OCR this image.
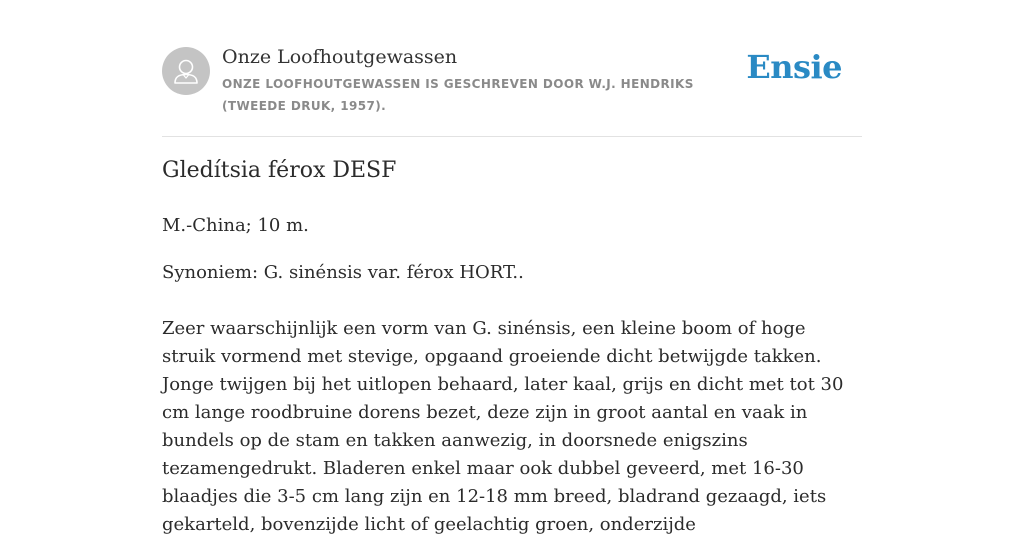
Onze Loofhoutgewassen
ONZE LOOFHOUTGEWASSEN IS GESCHREVEN DOOR W.J. HENDRIKS (TWEEDE DRUK, 1957).
Ensie
Gledítsia férox DESF

M.-China; 10 m.

Synoniem: G. sinénsis var. férox HORT..

Zeer waarschijnlijk een vorm van G. sinénsis, een kleine boom of hoge struik vormend met stevige, opgaand groeiende dicht betwijgde takken. Jonge twijgen bij het uitlopen behaard, later kaal, grijs en dicht met tot 30 cm lange roodbruine dorens bezet, deze zijn in groot aantal en vaak in bundels op de stam en takken aanwezig, in doorsnede enigszins tezamengedrukt. Bladeren enkel maar ook dubbel geveerd, met 16-30 blaadjes die 3-5 cm lang zijn en 12-18 mm breed, bladrand gezaagd, iets gekarteld, bovenzijde licht of geelachtig groen, onderzijde
